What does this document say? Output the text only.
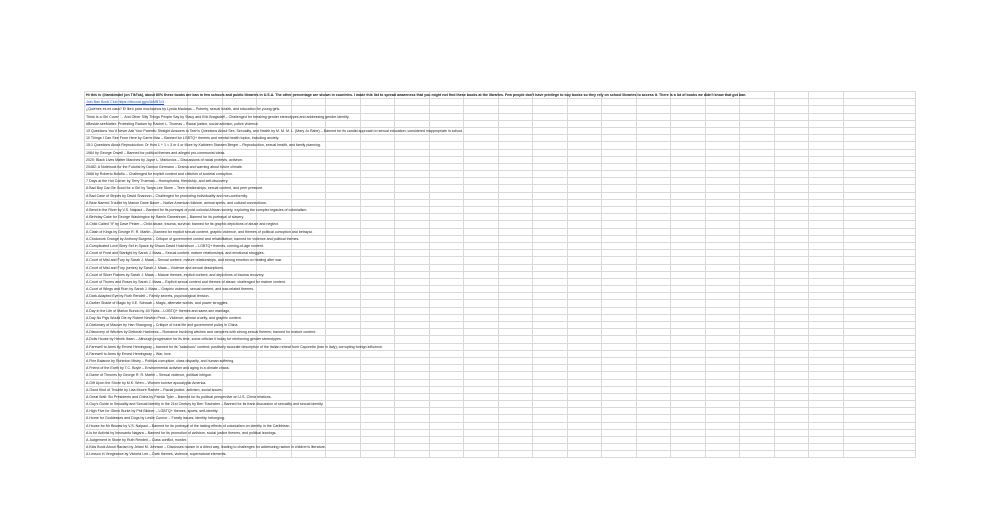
Hi this is @iamkimdel (on TikTok), about 80% these books are ban in few schools and public libraries in U.S.A. The other percentage are shown in countries. I made this list to spread awareness that you might not find these books at the libraries. Few people don't have privilege to buy books so they rely on school libraries to access it. There is a lot of books we didn't know that got ban.
Join Ban Book Club https://discord.gg/u3bMB7c3
¿Quiénes es mi casa? El libro para muchachos by Lynda Madaras – Puberty, sexual health, and education for young girls.
Think Is a Girl Cover '... And Other Silly Things People Say by Stacy and Erik Bragsdaff – Challenged for breaking gender stereotypes and addressing gender identity.
#Beside.seeMatter: Protesting Racism by Rachel L. Thomas – Racial justice, social activism, police violence.
10 Questions You'd Never Ask Your Parents: Straight Answers to Teen's Questions About Sex, Sexuality, and Health by M. M. M. L. (Mary Jo Rabe) – Banned for its candid approach to sexual education; considered inappropriate in school.
10 Things I Can See From Here by Carrie Mac – Banned for LGBTQ+ themes and mental health topics, including anxiety.
15:1 Questions About Reproduction: Or How 1 + 1 = 3 or 4 or More by Kathleen Stassen Berger – Reproduction, sexual health, and family planning.
1984 by George Orwell – Banned for political themes and alleged pro-communist ideas.
2020: Black Lives Matter Marches by Joyce L. Markovics – Discussions of racial protests, activism.
20482: A Notebook for the Futurist by Damon Germano – Drama and warning about future climate.
2666 by Roberto Bolaño – Challenged for explicit content and criticism of societal corruption.
7 Days at the Hot Corner by Terry Trueman – Homophobia, friendship, and self-discovery.
A Bad Boy Can Be Good for a Girl by Tanya Lee Stone – Teen relationships, sexual content, and peer pressure.
A Bad Case of Stripes by David Shannon – Challenged for promoting individuality and non-conformity.
A Bear Named Trouble by Marion Dane Bauer – Native American folklore, animal spirits, and cultural connections.
A Bend in the River by V.S. Naipaul – Banned for its portrayal of post-colonial African society, exploring the complex legacies of colonialism.
A Birthday Cake for George Washington by Ramin Ganeshram – Banned for its portrayal of slavery.
A Child Called "It" by Dave Pelzer – Child abuse, trauma, survival; banned for its graphic depictions of abuse and neglect.
A Clash of Kings by George R. R. Martin – Banned for explicit sexual content, graphic violence, and themes of political corruption and betrayal.
A Clockwork Orange by Anthony Burgess – Critique of government control and rehabilitation; banned for violence and political themes.
A Complicated Love Story Set in Space by Shaun David Hutchinson – LGBTQ+ themes, coming-of-age content.
A Court of Frost and Starlight by Sarah J. Maas – Sexual content, mature relationships, and emotional struggles.
A Court of Mist and Fury by Sarah J. Maas – Sexual content, mature relationships, and strong emotion on healing after war.
A Court of Mist and Fury (series) by Sarah J. Maas – Violence and sexual descriptions.
A Court of Silver Flames by Sarah J. Maas – Mature themes, explicit content, and depictions of trauma recovery.
A Court of Thorns and Roses by Sarah J. Maas – Explicit sexual content and themes of abuse; challenged for mature content.
A Court of Wings and Ruin by Sarah J. Maas – Graphic violence, sexual content, and war-related themes.
A Dark-Adapted Eye by Ruth Rendell – Family secrets, psychological tension.
A Darker Shade of Magic by V.E. Schwab – Magic, alternate worlds, and power struggles.
A Day in the Life of Marlon Bundo by Jill Twiss – LGBTQ+ themes and same-sex marriage.
A Day No Pigs Would Die by Robert Newton Peck – Violence, animal cruelty, and graphic content.
A Dictionary of Mauser by Han Shaogong – Critique of rural life and government policy in China.
A Discovery of Witches by Deborah Harkness – Romance involving witches and vampires with strong sexual themes; banned for mature content.
A Dolls House by Henrik Ibsen – Although progressive for its time, some criticize it today for reinforcing gender stereotypes.
A Farewell to Arms by Ernest Hemingway – banned for its "salacious" content; positively accurate description of the Italian retreat from Caporetto (ban in Italy); corrupting foreign influence.
A Farewell to Arms by Ernest Hemingway – War, love.
A Fine Balance by Rohinton Mistry – Political corruption, class disparity, and human suffering.
A Friend of the Earth by T.C. Boyle – Environmental activism and aging in a climate chaos.
A Game of Thrones by George R. R. Martin – Sexual violence, political intrigue.
A Gift Upon the Shore by M.K. Wren – Women survive apocalyptic America.
A Good Kind of Trouble by Lisa Moore Ramée – Racial justice, activism, social issues.
A Great Wall: Six Presidents and China by Patrick Tyler – Banned for its political perspective on U.S.-China relations.
A Guy's Guide to Sexuality and Sexual Identity in the 21st Century by Ben Trachsten – Banned for its frank discussion of sexuality and sexual identity.
A High Five for Glenn Burke by Phil Bildner – LGBTQ+ themes, sports, self-identity.
A Home for Goddesses and Dogs by Leslie Connor – Family issues, identity, belonging.
A House for Mr Biswas by V.S. Naipaul – Banned for its portrayal of the lasting effects of colonialism on identity in the Caribbean.
A Is for Activist by Innosanto Nagara – Banned for its promotion of activism, social justice themes, and political leanings.
A Judgement in Stone by Ruth Rendell – Class conflict, murder.
A Kids Book About Racism by Jelani M. Johnson – Discusses racism in a direct way, leading to challenges for addressing racism in children's literature.
A Lesson in Vengeance by Victoria Lee – Dark themes, violence, supernatural elements.
